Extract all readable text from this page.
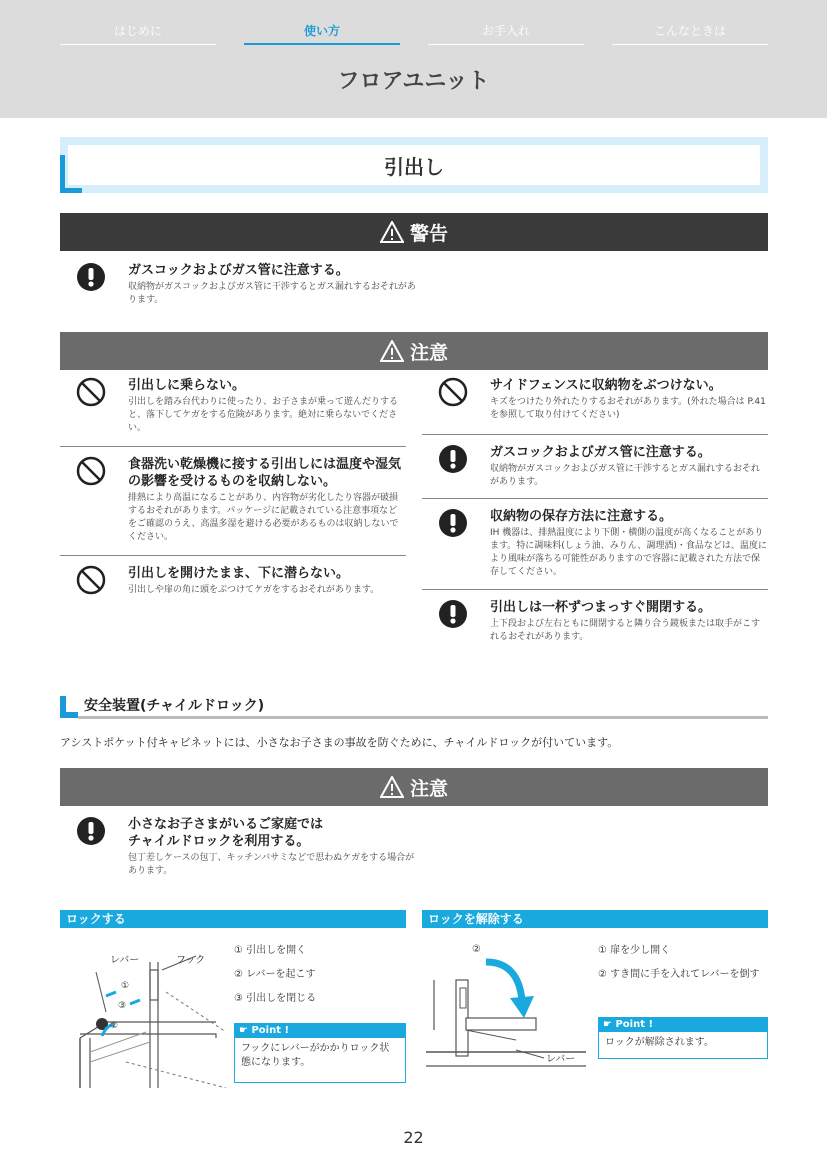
はじめに	使い方	お手入れ	こんなときは
フロアユニット
引出し
警告
ガスコックおよびガス管に注意する。
収納物がガスコックおよびガス管に干渉するとガス漏れするおそれがあります。
注意
引出しに乗らない。
引出しを踏み台代わりに使ったり、お子さまが乗って遊んだりすると、落下してケガをする危険があります。絶対に乗らないでください。
食器洗い乾燥機に接する引出しには温度や湿気の影響を受けるものを収納しない。
排熱により高温になることがあり、内容物が劣化したり容器が破損するおそれがあります。パッケージに記載されている注意事項などをご確認のうえ、高温多湿を避ける必要があるものは収納しないでください。
引出しを開けたまま、下に潜らない。
引出しや扉の角に頭をぶつけてケガをするおそれがあります。
サイドフェンスに収納物をぶつけない。
キズをつけたり外れたりするおそれがあります。(外れた場合は P.41 を参照して取り付けてください)
ガスコックおよびガス管に注意する。
収納物がガスコックおよびガス管に干渉するとガス漏れするおそれがあります。
収納物の保存方法に注意する。
IH 機器は、排熱温度により下側・横側の温度が高くなることがあります。特に調味料(しょう油、みりん、調理酒)・食品などは、温度により風味が落ちる可能性がありますので容器に記載された方法で保存してください。
引出しは一杯ずつまっすぐ開閉する。
上下段および左右ともに開閉すると隣り合う鏡板または取手がこすれるおそれがあります。
安全装置(チャイルドロック)
アシストポケット付キャビネットには、小さなお子さまの事故を防ぐために、チャイルドロックが付いています。
注意
小さなお子さまがいるご家庭では
チャイルドロックを利用する。
包丁差しケースの包丁、キッチンバサミなどで思わぬケガをする場合があります。
ロックする
①
③
②
レバー	フック
① 引出しを開く
② レバーを起こす
③ 引出しを閉じる
☛ Point !
フックにレバーがかかりロック状態になります。
ロックを解除する
②
レバー
① 扉を少し開く
② すき間に手を入れてレバーを倒す
☛ Point !
ロックが解除されます。
22
